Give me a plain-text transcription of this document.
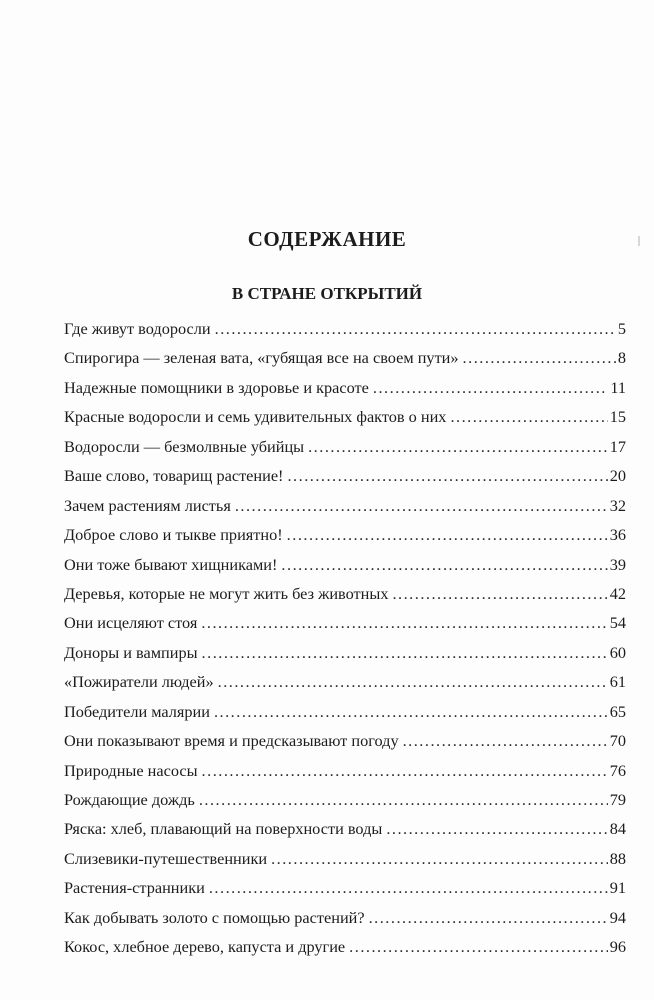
СОДЕРЖАНИЕ
В СТРАНЕ ОТКРЫТИЙ
Где живут водоросли .....	5
Спирогира — зеленая вата, «губящая все на своем пути» .....	8
Надежные помощники в здоровье и красоте .....	11
Красные водоросли и семь удивительных фактов о них .....	15
Водоросли — безмолвные убийцы .....	17
Ваше слово, товарищ растение! .....	20
Зачем растениям листья .....	32
Доброе слово и тыкве приятно! .....	36
Они тоже бывают хищниками! .....	39
Деревья, которые не могут жить без животных .....	42
Они исцеляют стоя .....	54
Доноры и вампиры .....	60
«Пожиратели людей» .....	61
Победители малярии .....	65
Они показывают время и предсказывают погоду .....	70
Природные насосы .....	76
Рождающие дождь .....	79
Ряска: хлеб, плавающий на поверхности воды .....	84
Слизевики-путешественники .....	88
Растения-странники .....	91
Как добывать золото с помощью растений? .....	94
Кокос, хлебное дерево, капуста и другие .....	96
